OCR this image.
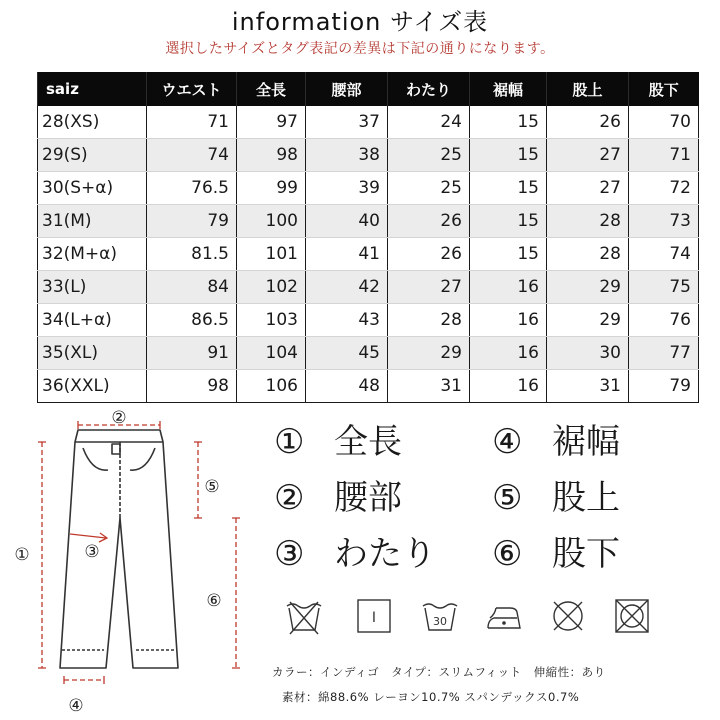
information サイズ表
選択したサイズとタグ表記の差異は下記の通りになります。
saiz	ウエスト	全長	腰部	わたり	裾幅	股上	股下
28(XS)	71	97	37	24	15	26	70
29(S)	74	98	38	25	15	27	71
30(S+α)	76.5	99	39	25	15	27	72
31(M)	79	100	40	26	15	28	73
32(M+α)	81.5	101	41	26	15	28	74
33(L)	84	102	42	27	16	29	75
34(L+α)	86.5	103	43	28	16	29	76
35(XL)	91	104	45	29	16	30	77
36(XXL)	98	106	48	31	16	31	79
②
①
⑤
③
⑥
④
① 全長
② 腰部
③ わたり
④ 裾幅
⑤ 股上
⑥ 股下
I	30
カラー：インディゴ　タイプ：スリムフィット　伸縮性：あり
素材：綿88.6% レーヨン10.7% スパンデックス0.7%
